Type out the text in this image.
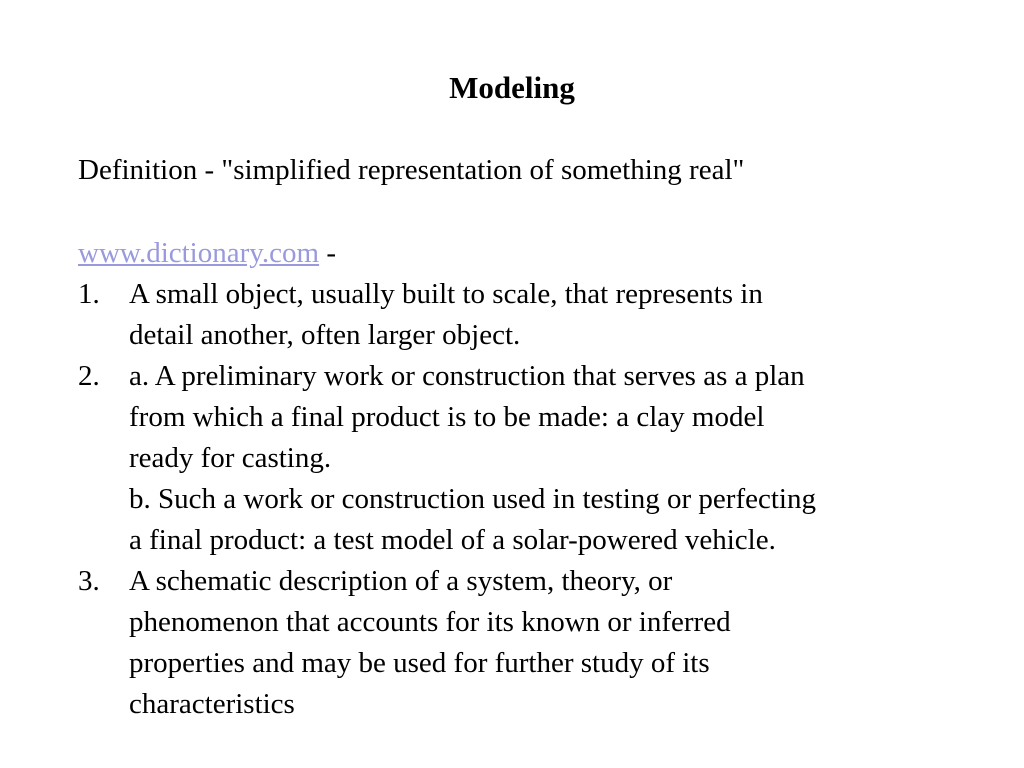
Modeling
Definition - "simplified representation of something real"
www.dictionary.com -
1. A small object, usually built to scale, that represents in
detail another, often larger object.
2. a. A preliminary work or construction that serves as a plan
from which a final product is to be made: a clay model
ready for casting.
b. Such a work or construction used in testing or perfecting
a final product: a test model of a solar-powered vehicle.
3. A schematic description of a system, theory, or
phenomenon that accounts for its known or inferred
properties and may be used for further study of its
characteristics
